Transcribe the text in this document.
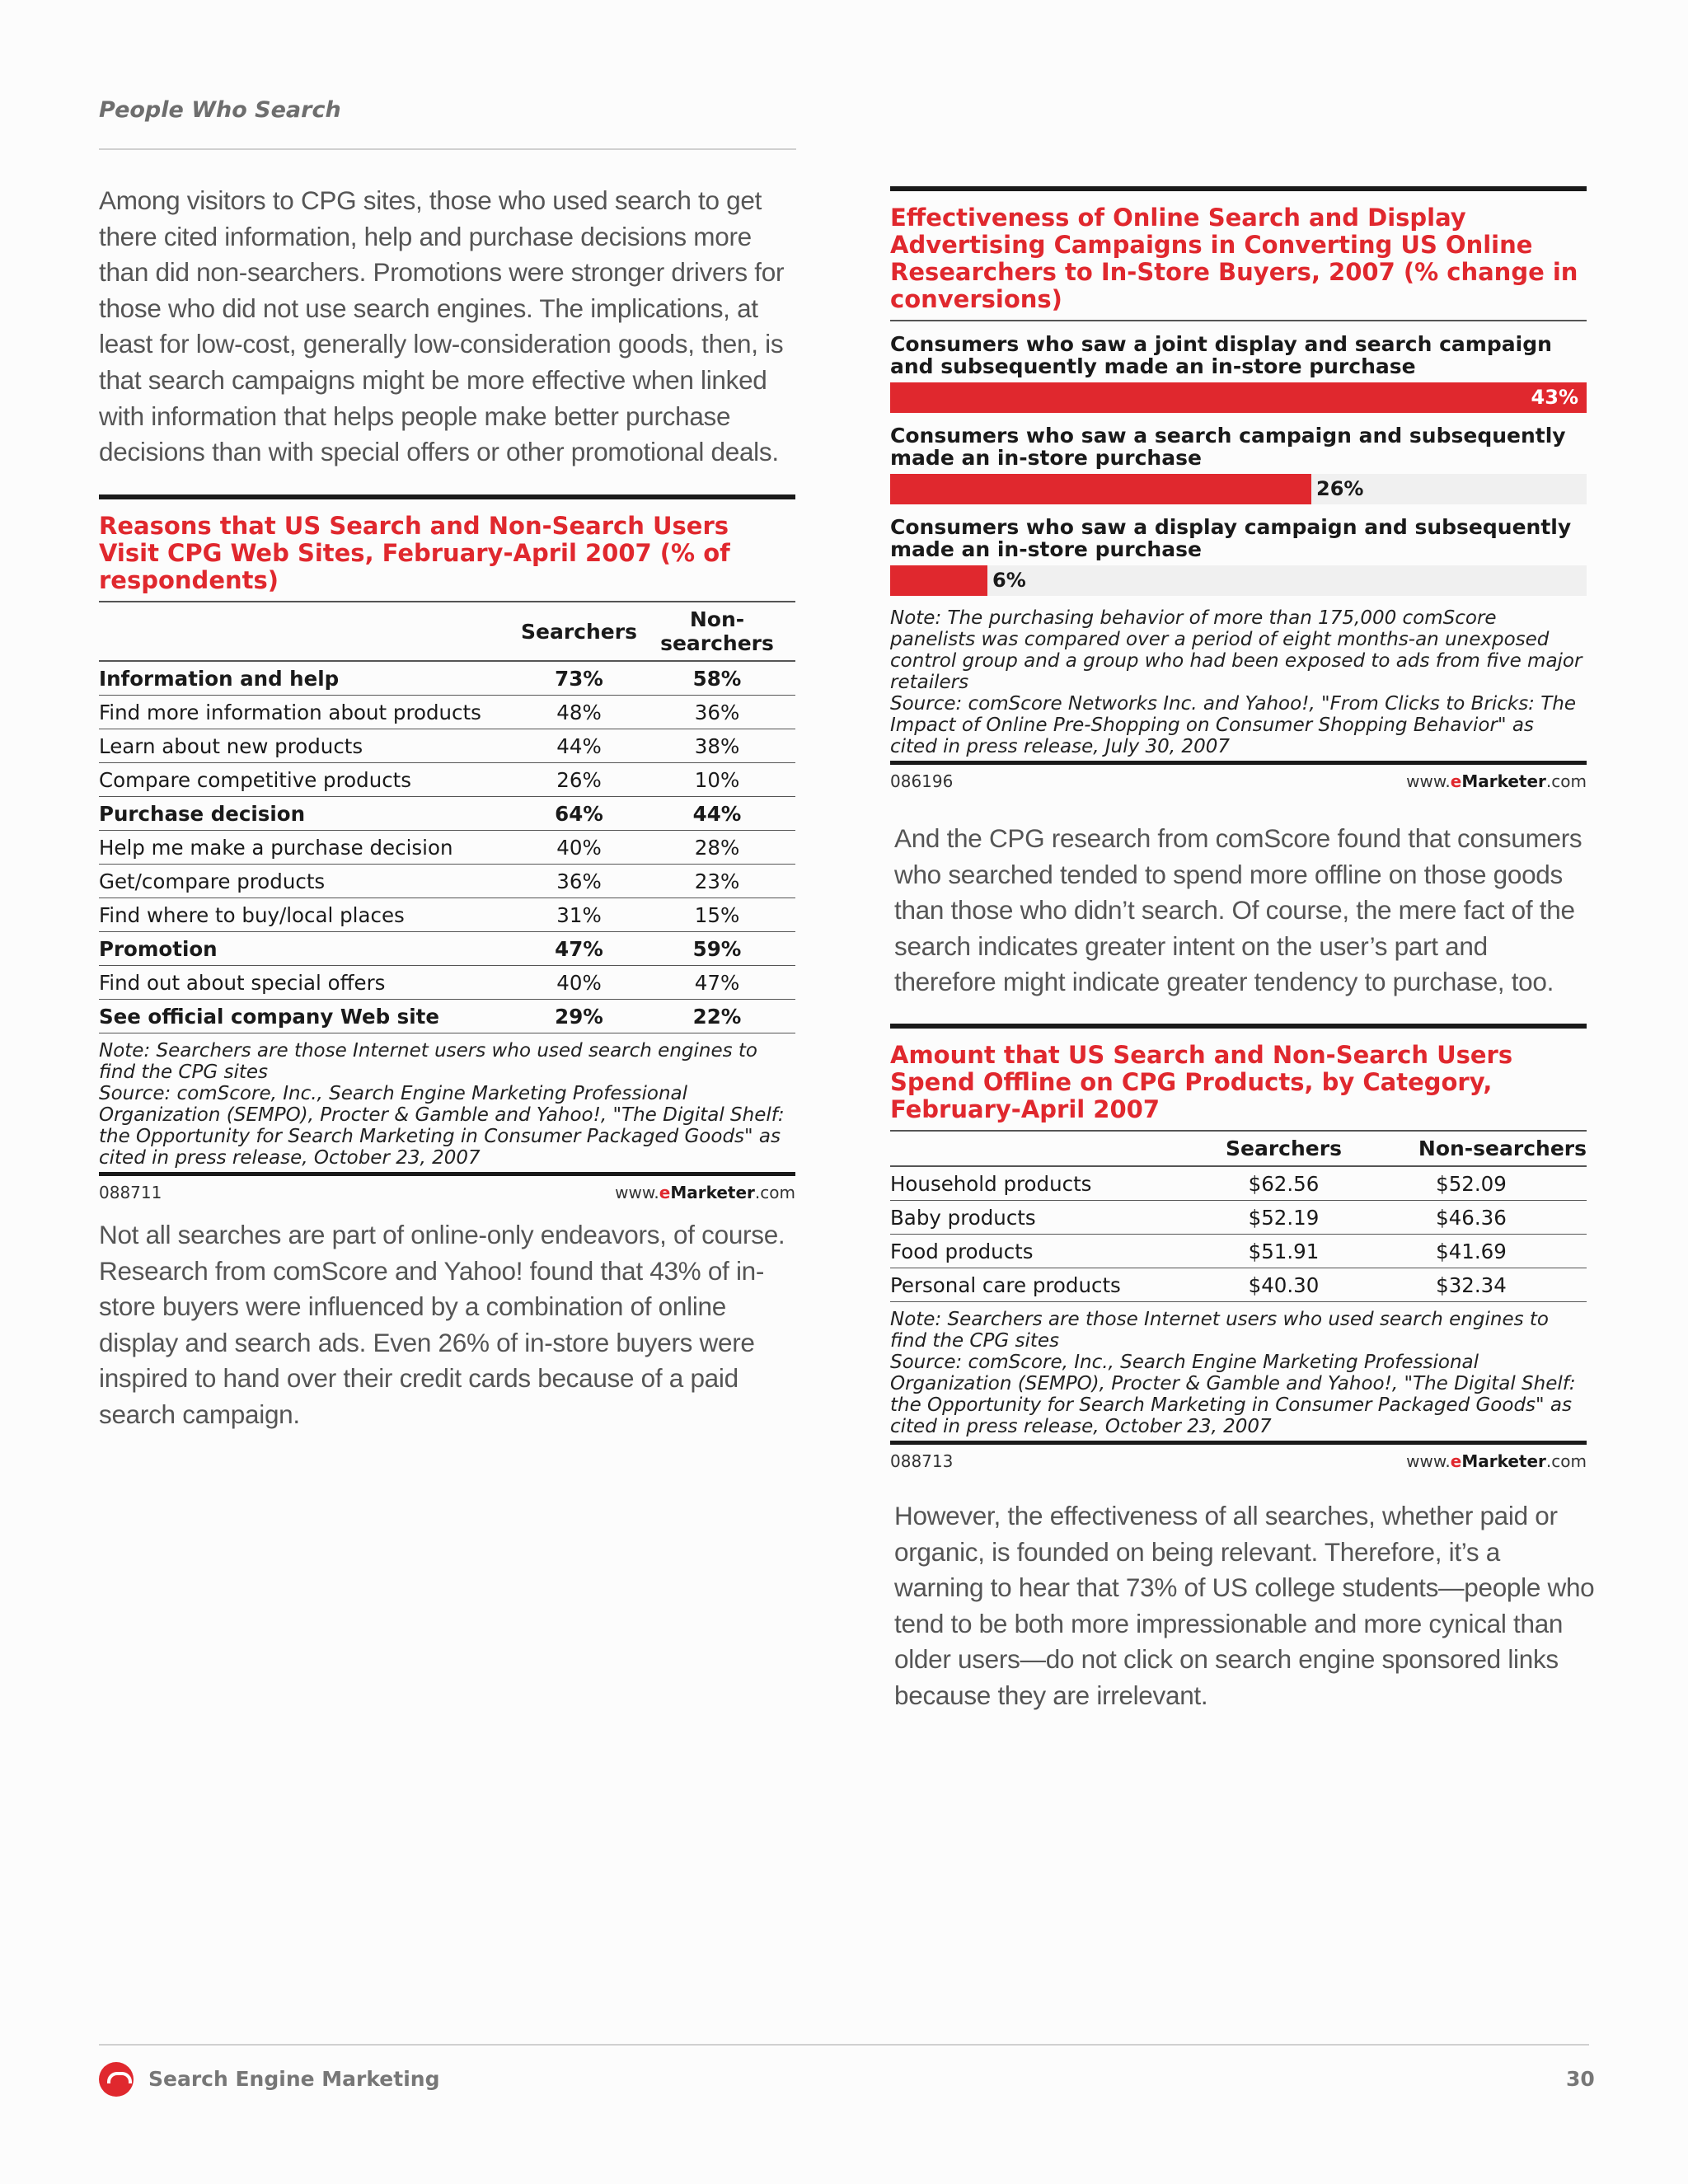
People Who Search

Among visitors to CPG sites, those who used search to get there cited information, help and purchase decisions more than did non-searchers. Promotions were stronger drivers for those who did not use search engines. The implications, at least for low-cost, generally low-consideration goods, then, is that search campaigns might be more effective when linked with information that helps people make better purchase decisions than with special offers or other promotional deals.

Reasons that US Search and Non-Search Users Visit CPG Web Sites, February-April 2007 (% of respondents)
	Searchers	Non-searchers
Information and help	73%	58%
Find more information about products	48%	36%
Learn about new products	44%	38%
Compare competitive products	26%	10%
Purchase decision	64%	44%
Help me make a purchase decision	40%	28%
Get/compare products	36%	23%
Find where to buy/local places	31%	15%
Promotion	47%	59%
Find out about special offers	40%	47%
See official company Web site	29%	22%
Note: Searchers are those Internet users who used search engines to find the CPG sites
Source: comScore, Inc., Search Engine Marketing Professional Organization (SEMPO), Procter & Gamble and Yahoo!, "The Digital Shelf: the Opportunity for Search Marketing in Consumer Packaged Goods" as cited in press release, October 23, 2007
088711	www.eMarketer.com

Not all searches are part of online-only endeavors, of course. Research from comScore and Yahoo! found that 43% of in-store buyers were influenced by a combination of online display and search ads. Even 26% of in-store buyers were inspired to hand over their credit cards because of a paid search campaign.

Effectiveness of Online Search and Display Advertising Campaigns in Converting US Online Researchers to In-Store Buyers, 2007 (% change in conversions)
Consumers who saw a joint display and search campaign and subsequently made an in-store purchase
43%
Consumers who saw a search campaign and subsequently made an in-store purchase
26%
Consumers who saw a display campaign and subsequently made an in-store purchase
6%
Note: The purchasing behavior of more than 175,000 comScore panelists was compared over a period of eight months-an unexposed control group and a group who had been exposed to ads from five major retailers
Source: comScore Networks Inc. and Yahoo!, "From Clicks to Bricks: The Impact of Online Pre-Shopping on Consumer Shopping Behavior" as cited in press release, July 30, 2007
086196	www.eMarketer.com

And the CPG research from comScore found that consumers who searched tended to spend more offline on those goods than those who didn’t search. Of course, the mere fact of the search indicates greater intent on the user’s part and therefore might indicate greater tendency to purchase, too.

Amount that US Search and Non-Search Users Spend Offline on CPG Products, by Category, February-April 2007
	Searchers	Non-searchers
Household products	$62.56	$52.09
Baby products	$52.19	$46.36
Food products	$51.91	$41.69
Personal care products	$40.30	$32.34
Note: Searchers are those Internet users who used search engines to find the CPG sites
Source: comScore, Inc., Search Engine Marketing Professional Organization (SEMPO), Procter & Gamble and Yahoo!, "The Digital Shelf: the Opportunity for Search Marketing in Consumer Packaged Goods" as cited in press release, October 23, 2007
088713	www.eMarketer.com

However, the effectiveness of all searches, whether paid or organic, is founded on being relevant. Therefore, it’s a warning to hear that 73% of US college students—people who tend to be both more impressionable and more cynical than older users—do not click on search engine sponsored links because they are irrelevant.

Search Engine Marketing	30
